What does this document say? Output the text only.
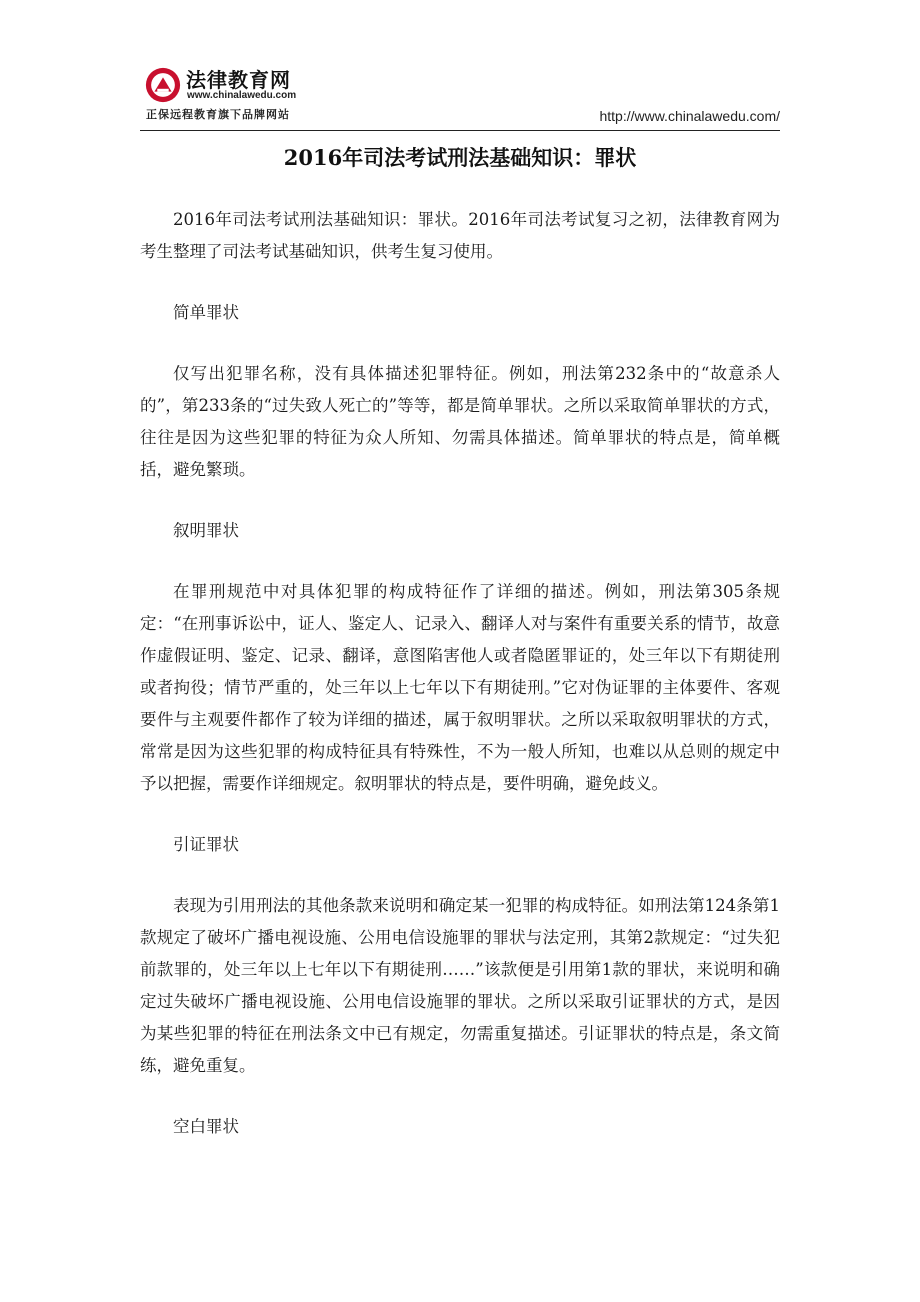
法律教育网
www.chinalawedu.com
正保远程教育旗下品牌网站	http://www.chinalawedu.com/
2016年司法考试刑法基础知识：罪状

2016年司法考试刑法基础知识：罪状。2016年司法考试复习之初，法律教育网为考生整理了司法考试基础知识，供考生复习使用。

简单罪状

仅写出犯罪名称，没有具体描述犯罪特征。例如，刑法第232条中的“故意杀人的”，第233条的“过失致人死亡的”等等，都是简单罪状。之所以采取简单罪状的方式，往往是因为这些犯罪的特征为众人所知、勿需具体描述。简单罪状的特点是，简单概括，避免繁琐。

叙明罪状

在罪刑规范中对具体犯罪的构成特征作了详细的描述。例如，刑法第305条规定：“在刑事诉讼中，证人、鉴定人、记录入、翻译人对与案件有重要关系的情节，故意作虚假证明、鉴定、记录、翻译，意图陷害他人或者隐匿罪证的，处三年以下有期徒刑或者拘役；情节严重的，处三年以上七年以下有期徒刑。”它对伪证罪的主体要件、客观要件与主观要件都作了较为详细的描述，属于叙明罪状。之所以采取叙明罪状的方式，常常是因为这些犯罪的构成特征具有特殊性，不为一般人所知，也难以从总则的规定中予以把握，需要作详细规定。叙明罪状的特点是，要件明确，避免歧义。

引证罪状

表现为引用刑法的其他条款来说明和确定某一犯罪的构成特征。如刑法第124条第1款规定了破坏广播电视设施、公用电信设施罪的罪状与法定刑，其第2款规定：“过失犯前款罪的，处三年以上七年以下有期徒刑……”该款便是引用第1款的罪状，来说明和确定过失破坏广播电视设施、公用电信设施罪的罪状。之所以采取引证罪状的方式，是因为某些犯罪的特征在刑法条文中已有规定，勿需重复描述。引证罪状的特点是，条文简练，避免重复。

空白罪状
